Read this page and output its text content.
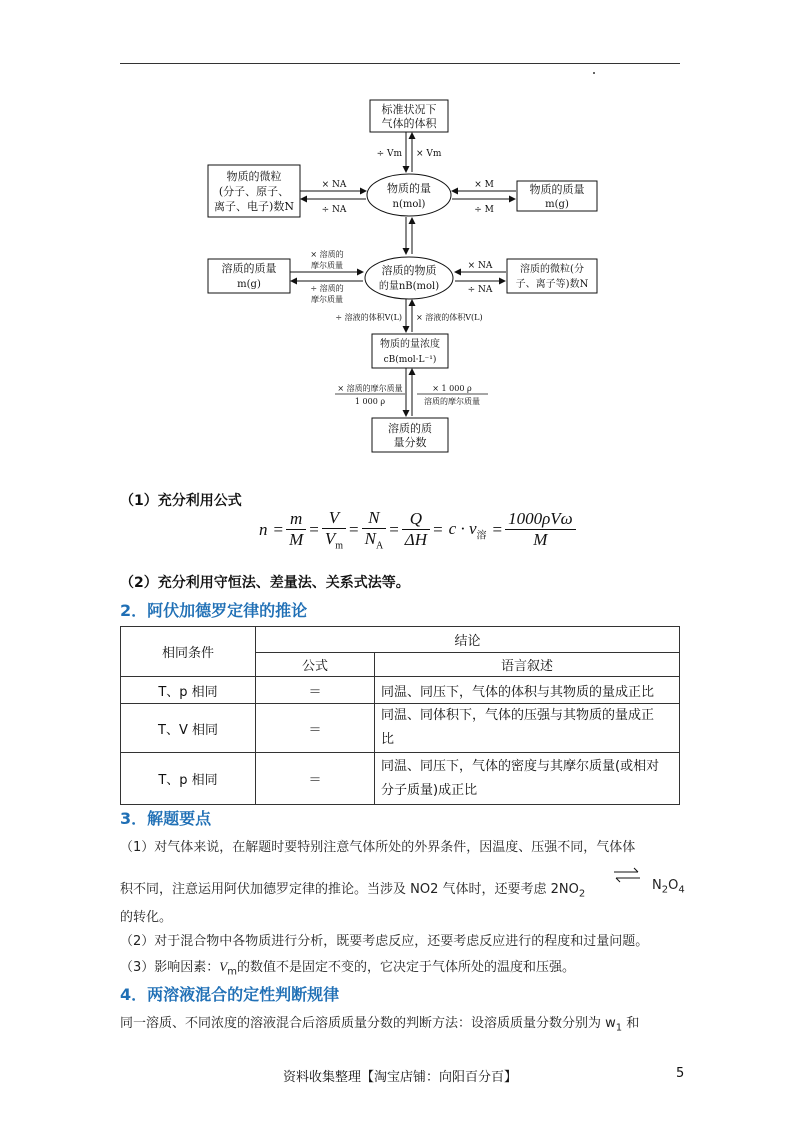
标准状况下
气体的体积
÷ Vm × Vm
物质的微粒
(分子、原子、
离子、电子)数N
物质的量
n(mol)
× NA
÷ NA
物质的质量
m(g)
× M
÷ M
溶质的质量
m(g)
溶质的物质
的量nB(mol)
× 溶质的
摩尔质量
÷ 溶质的
摩尔质量
溶质的微粒(分
子、离子等)数N
× NA
÷ NA
÷ 溶液的体积V(L) × 溶液的体积V(L)
物质的量浓度
cB(mol·L⁻¹)
× 溶质的摩尔质量
1 000 ρ
× 1 000 ρ
溶质的摩尔质量
溶质的质
量分数
（1）充分利用公式
$n = \frac{m}{M} = \frac{V}{V_m} = \frac{N}{N_A} = \frac{Q}{\Delta H} = c \cdot v_溶 = \frac{\text{1000ρVω}}{M}$
（2）充分利用守恒法、差量法、关系式法等。
2．阿伏加德罗定律的推论
相同条件	结论	
	公式	语言叙述
T、p 相同	＝	同温、同压下，气体的体积与其物质的量成正比
T、V 相同	＝	同温、同体积下，气体的压强与其物质的量成正
比
T、p 相同	＝	同温、同压下，气体的密度与其摩尔质量(或相对
分子质量)成正比
3．解题要点
（1）对气体来说，在解题时要特别注意气体所处的外界条件，因温度、压强不同，气体体
积不同，注意运用阿伏加德罗定律的推论。当涉及 NO2 气体时，还要考虑 $2NO_2$
⇌ $N_2O_4$
的转化。
（2）对于混合物中各物质进行分析，既要考虑反应，还要考虑反应进行的程度和过量问题。
（3）影响因素：$V_m$的数值不是固定不变的，它决定于气体所处的温度和压强。
4．两溶液混合的定性判断规律
同一溶质、不同浓度的溶液混合后溶质质量分数的判断方法：设溶质质量分数分别为 $w_1$ 和
资料收集整理【淘宝店铺：向阳百分百】	5
